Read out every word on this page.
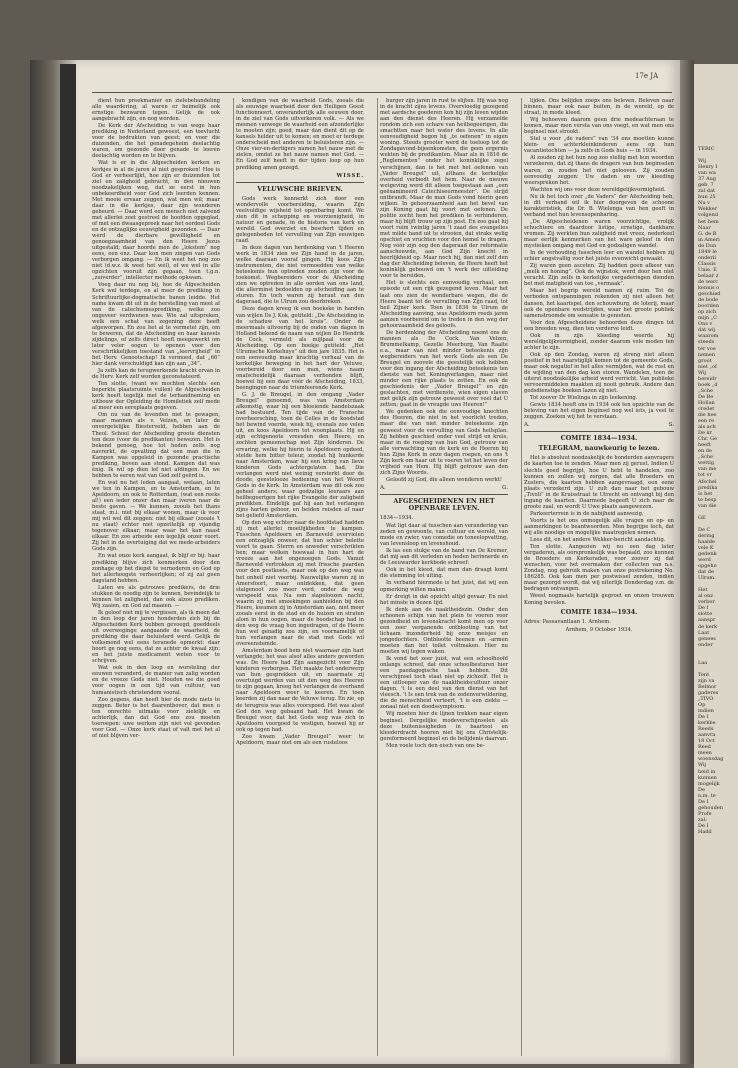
TERIC
Wij
Henry I
van wa
37 Aug
geb. 7
zal dat
hun 25
Nu v
Wekker
volgend
het hem
Naar
G. de B
in Ameri
de Dun
1849 le
onderli
Classis
Unie. E
belaar z
de werc
kennis o
geschied
de bode
boorden
op zich
mijn „C
Ons v
dat wij
waarom
steeds
ter voe
nemen
groot
niet „of
Wij
bereidr
boek „d
„Sche
De Be
Hollan
credet
die hee
een re
als ach
De kr
Chr. Ge
heeft
en de
„Sche
wettig
van me
tot vr
Afschei
predika
Is het
te besp
van die
GE
De C
dering
haalde
vele K
gedenk
werd
opgeho
dat de
Ulrum.
Het
al onz
verbor
De I
slotte
aanspr
de kerk
Laat
genees
onder
Laa
Tent
zijn va
Belmor
gaderes
„TIVO
Op
indien
De I
kerkbe
Reeds
aanvra
18 Oct
Reed
meen
woensdag
Wij
heid in
kunnen
mogelijk
De
n.m. te
De I
gehouden
Profe
zal:
De I
Hadd
17e JA

dient hun preekmanier en zielebehandeling alle waardering, al waren er heimelijk ook ernstige bezwaren tegen. Gelijk de ook aangebracht zijn, en nog worden.

De Kerk der Afscheiding is van wege haar prediking in Nederland geweest, een toevlucht voor de bedrukten van geest; en voor die duizenden, die het genadegeheim deelachtig waren, om gezonde door genade te leeren deelachtig worden en te blijven.

Wat is er in die Afgescheiden kerken en kerkjes in al de jaren al niet gesproken! Hoe is God er verheerlijkt, hoe zijn er duizenden tot ziel en zaligheid gebracht, in den nieuwen noodzakelijken weg, dat ze eerst in hun onbekeerdheid voor God zich leerden kennen. Met mooie ervaar zeggen, wat men wil; maar daar in die kerkjes, daar zijn wonderen gebeurd. — Daar werd een mensch niet zalvend met allerlei zoet gestreel de hoofden opgeglad, of met een dwaasgepreek naar het oordeel Gods en de ontzaglijke eeuwigheid gezonden. — Daar werd de dierbare gewilligheid en genoegzaamheid van den Heere Jezus uitgestald; daar hoorde men de „lokstem” nog eens, een enz. Daar kon men zingen van Gods verborgen omgang. — En ik weet het nog zoo niet (d.w.z. ik weet het wèl), of we wel in alle opzichten vooruit zijn gegaan, toen t.g.n. „zuiverder”, intellecter methode opkwam.

Voeg daar nu nog bij, hoe de Afgescheiden Kerk wel terdege, en al meer de prediking in Schriftuurlijke-dogmatische banen leidde. Het name kwam dit uit in de herstelling van meet af van de catechismusprediking, welke zoo ongeveer verdwenen was. Wie zal uitspreken, welk een schat van zegening deze heeft afgeworpen. En zou het al te vermetel zijn, om te beweren, dat de Afscheiding en haar kansels zijdelings, of zelfs direct heeft meegewerkt om later veler oogen te openen voor den verschrikkelijken toestand van „leervrijheid” in het Herv. Genootschap! Ik vermoed, dat „66” hier dank verschuldigd kan zijn aan „34”.

Ja zelfs kan de terugwerkende kracht ervan in de Herv. Kerk zelf worden geconstateerd.

Ten slotte, (want we mochten slechts een beperkte plaatsruimte vullen) de Afgescheiden kerk heeft tegelijk met de terhandneming en uitbouw der Opleiding de Homiletiek zelf mede al meer een eereplaats gegeven.

Om nu van de levenden niet te gewagen, maar mannen als v. Velzen, en later de onvergetelijke Biesterveld, hebben aan de Theol. School der Afscheiding groote diensten ten deze (voor de predikanten) bewezen. Het is bekend genoeg, hoe tot heden zelfs nog navrerkt, de opvatting dat een man die in Kampen was opgeleid in gezonde practische prediking, boven aan stond. Kampen dat was énig. Ik wil op dien lof niet afdingen. En we hebben te eeren wat van God zelf geërd is.

En wat nu het leden aangaat, welaan, laten we ten in Kampen, en te Amsterdam, en te Apeldoorn, en ook te Rotterdam, (wat een reeks al!) een ieder onzer dan maar iveren naar de beste gaven. — We kunnen, zoouls het thans staat, m.i. niet bij elkaar wonen, maar ik voor mij wil wel dit zeggen: niet bij elkaar (zooals 't nu staat) echter niet opzettelijk op vijandig tegenover elkaar; maar waar het kan naast elkaar. En zoo arbeide een iegelijk onzer voort. Zij het in de overtuiging dat we mede-arbeiders Gods zijn.

En wat onze kerk aangaat, ik blijf er bij: haar prediking blijve zich kenmerken door den zonhage op het diepst te vernederen en God op het allerhoogste verheerlijken; of zij zal geen dagstand hebben.

Laten we als getrouwe predikers, de drie stukken de noodig zijn te kennen, bevindelijk te kennen tot zaligheid, dan ook alzoo prediken. Wij zaaien, en God zal maaien. —

Ik geloof niet mij te vergissen, als ik meen dat in den loop der jaren honderden zich bij de Afgescheiden Kerk hebben gevoegd, goeddeels uit overweginge aangaande de waarheid, de prediking die daar beluisterd werd. Gelijk de volksmond wel eens teranede opmerkt: daar hoort ge nog eens, dat ze achter de kwaal zijn: en het juiste medicament weten voor te schrijven.

Wat ook in den loop en worsteling der eeuwen veranderd, de manier van zalig worden en de vreeze Gods niet. Houden we die goed voor oogen in een tijd van cultuur, van humanistisch christendom vooral.

Zoo gegens, dan heeft hier de mode niets te zeggen. Beter is het daarentbover, dat men u ten onrechte uitmake voor zielelijk en achterlijk, dan dat God ons zou moeten toeroepen: uwe werken zijn niet vol gevonden voor God. — Onze kerk staat of valt met het al of niet blijven ver-

kondigen van de waarheid Gods, zooals die als eeuwige waarheid door den Heiligen Geest functionneert, onveranderlijk alle eeuwen door, in de ziel van Gods uitverkoren volk. — Als we meenen vanwege de waarheid een afzonderlijke te moeten zijn; goed, maar dan dient dit op de kansels helder uit te komen; en moet er terdege onderscheid met anderen te beluisteren zijn. — Onze vier-en-dertigers namen het nauw met de zielen, omdat ze het nauw namen met God. — En God zelf heeft in der tijden loop op hun prediking amen gezegd.

WISSE.
VELUWSCHE BRIEVEN.

Gods werk kennerkt zich door een wondervolle voorbereiding, waarin Zijn veelvuldige wijsheid tot openbaring komt. We zien dit in schepping en voorzienigheid, in natuur en genade, in de historie van kerk en wereld. God overziet en beschert tijden en gelegenheden tot vervulling van Zijn eeuwigen raad.

In deze dagen van herdenking van 't Heeren werk in 1834 zien we Zijn hand in de jaren, welke daaraan vooraf gingen. Hij koos Zijn instrumenten, die niet vermoedden van welke beteekenis hun optreden zouden zijn voor de toekomst. Wegbereiders voor de Afscheiding zien we optreden in alle oorden van ons land, die allerminst bedoelden op afscheiding aan te sturen. En toch waren zij heraut van den dageraad, die te Ulrum zou doorbreken.

Deze dagen kreeg ik een boekske in handen van wijlen Ds J. Kok, getiteld: „De Afscheiding in de schaduw van het kruis”. Onder de meermaals uitvoerig bij de ouden van dagen in Holland bekend de naam van wijlen Do Hendrik de Cock, vermeld: als mijlpaal voor de Afscheiding. Op een boekje getiteld: „Het Ulrumsche Kerkehuys” uit den jare 1835. Het is een eenvoudig maar krachtig verhaal van de kerkelijke beweging in het hart der Veluwe, voorbereid door een man, wiens naam onafscheidelijk daaraan verbonden blijft, hoewel hij een daar vóór de Afscheiding, 1833, heengingen naar de triumfeerende Kerk.

G. J. de Breugel, in den omgang „Vader Breugel” genoemd, was van Amsterdam afkomstig, waar hij een bloeiende handelszaak had bestuurd. Ten tijde van de Fransche overheersching, toen de Celles in de koodstad het bewind voerde, week hij, evenals zoo velen uit, en koos Apeldoorn tot woonplaats. Hij en zijn echtgenoote vreesden den Heere, en zochten gemeenschap met Zijn kinderen. De ervaring, welke hij hierin te Apeldoorn opdeed, stelde hem bitter teleur, zoodat hij hunkerde naar Amsterdam, waar hij een kring van lieve kinderen Gods achtergelaten had. Die verlangen werd niet weinig versterkt door de doode, geestelooze bediening van het Woord Gods in de Kerk. In Amsterdam was dit ook zoo geheel anders; waar godzalige leeraars aan heilbegeerigen het rijke Evangelie der zaligheid predikten. Eindelijk gaf hij aan het verlangen zijns harten gehoor, en beiden reisden af naar het geliefd Amsterdam.

Op den weg echter naar de hoofdstad hadden zij met allerlei moeilijkheden te kampen. Tusschen Apeldoorn en Barneveld overvielen een ontzaglijk onweer, dat hun schier belette voort te gaan. Sterrn en onweder verschrikten hen; maar welken hoewaal in hun hart de vreeze aan het ongenoegen Gods. Vanuit Barneveld vertrokken zij met frissche paarden voor den postkoets, maar ook op den weg was het onheil niet voorbij. Nauwelijks waren zij in Amersfoort, maar ontdekken, dat geen stalgenoot zoo meer verd, onder de weg verspeeld was. Na een slapeloozen nacht, waarin zij met smeekingen aanhielden bij den Heere, kwamen zij in Amsterdam aan, niet meer zooals eerst in de stad en de huizen en straten alom in hun oogen, maar de boodschap had in den weg de vraag hun ingedragen, of de Heere hun wel genadig zou zijn, en voornamelijk of hun verlangen naar de stad met Gods wil overeenstemde.

Amsterdam bood hem niet waarnaar zijn hart verlangde; het was alsof alles anders geworden was. De Heere had Zijn aangezicht voor Zijn kinderen verborgen. Het maakte het onderwerp van hun gesprekken uit, en naarmate zij overtuigd werden van uit den weg des Heeren te zijn gegaan, kreeg het verlangen de overhand naar Apeldoorn weer te keeren. En toen keerden zij dan naar de Veluwe terug. En zie, op de terugreis was alles voorspoed. Het was alsof God den weg gebaand had. Het kwam de Breugel voor, dat het Gods weg was zich in Apeldoorn voorgoed te vestigen, hoewel hij er ook op tegen had.

Zoo kwam „Vader Breugel” weer te Apeldoorn, maar niet om als een rusteloos

burger zijn jaren in rust te slijten. Hij was nog in de kracht zijns levens. Overvloedig gezegend met aardsche goederen kon hij zijn leven wijden aan den dienst des Heeren. Hij verzamelde rondom zich een schare van heilbegeerigen, die smachtten naar het water des levens. In alle eenvoudigheid begon hij „te oefenen” in eigen woning. Steeds grooter werd de toeloop tot de Zondagavond-bijeenkomsten, die geen ergernis wekten bij de predikanten. Maar als in 1816 de „Reglementen” onder het koninklijke zegel verschijnen, dan is het met het oefenen van „Vader Breugel” uit, althans de kerkelijke overheid verbiedt het hem. Naar de nieuwe wetgeving werd dit alleen toegestaan aan „een geëxamineerd Catechiseermeester”. De strijd ontbrandt. Maar de man Gods vond hierin geen wijken. In gehoorzaamheid aan het bevel van zijn Koning gaat hij voort met oefenen. De politie zocht hem het prediken te verhinderen, maar hij blijft trouw op zijn post. En zoo gaat hij voort ruim twintig jaren 't zaad des evangelies met milde hand uit te strooien, dat straks welig opschiet en vruchten voor den hemel te dragen. Nog vóór zijn oog den dageraad der reformatie aanschouwde, aan God Zijn knecht in heerlijkheid op. Maar noch hij, dan niet zelf den dag der Afscheiding beleven, de Heere heeft het koninklijk gebouwd om 't werk der uitleiding voor te bereiden.

Het is slechts een eenvoudig verhaal, een episode uit een rijk gezegend leven. Maar het laat ons zien de wonderbare wegen, die de Heere baant tot de vervulling van Zijn raad, tot heil Zijner kerk. Toen in 1834 te Ulrum de Afscheiding aanving, was Apeldoorn reeds jaren aanzen voorbereid om te treden in den weg der gehoorzaamheid des geloofs.

De herdenking der Afscheiding noemt ons de mannen als De Cock, Van Velzen, Brummelkamp, Gezelle Meerburg, Van Raalte e.a., maar van niet minder beteekenis zijn wegbereiders van het werk Gods als een De Breugel en zoovele die geestelijk ook hebben voor den ingang der Afscheiding beteekenis ten dienste van het Koningverlangen, maar niet minder een rijke plaats te zetten. En ook de geschiedenis der „Vader Breugel” en zijn geslachten, met verdienste, wien eigen staven met gelijk zijn getrouw geweest over veel dat U zetten; gaat in de vreugde uws Heeren!”

We gedenken ook die eenvoudige knechten des Heeren, die niet in het voorlicht treden, maar die van niet minder beteekenis zijn geweest voor de vervulling van Gods heilsplan. Zij hebben geschied onder veel strijd en kruis, maar in de roeping van hun God, getrouw van alle verwachting van de kerk en de Heeren bij hun Zijne Kerk in onze dagen roepen, en ons 't Zijn kerk om haar uit te voeren tot het leven der vrijheid van Hem. Hij blijft getrouw aan den zich Zijns Woords.

Geloofd zij God, die alleen wonderen werkt!

A.	G.
AFGESCHEIDENEN EN HET OPENBARE LEVEN.
1834—1934.

Wat ligt daar al tusschen aan verandering van zeden en gewoonte, van cultuur en wereld, van mode en zwier, van comedie en toneelopvatting, van levensloop en levenshoud.

Ik las een stukje van de hand van De Kremer, dat mij aan dit verleden en heden herinnerde en de Leeuwarder kerkbode schreef:

Ook in het kleed, dat men dan draagt komt die stemming tot uiting.

In verband hiermede is het juist, dat wij een opmerking willen maken.

Er dreigt in dat opzicht altijd gevaar. En niet het minste in dezen tijd.

Ik denk aan de naaktheidszin. Onder den schoonen schijn van het plein te voeren voor gezondheid en levenskracht komt men op voor een zeer verganende ontblooting van het lichaam inzonderheid bij onze meisjes en jongedochters. Ontblootte beenen en -armen moeten dan het toilet voltmaken. Hier nu moeten wij tegen waken.

Ik vond het zeer juist, wat een schoolhoofd onlangs schreef, dat onze schoolbesturen hier een paedagogische taak hebben. Dit verschijnsel toch staat niet op zichzelf. Het is een uitlooper van de naaktheidscultuur onzer dagen. 't Is een deel van den dienst van het vleesch. 't Is een trek van de zedenverwildering, die de menschheid verteert, 't is een ziekte — zonaal niet een doodssymptoom.

Wij moeten hier de lijnen trekken naar eigen beginsel. Dergelijke modeverschijnselen als deze buitenissigheden in baartooi en kleederdracht hooren niet bij ons Christelijk-gereformeerd beginsel en de belijdenis daarvan.

Men voele toch den eisch van ons be-

lijden. Ons belijden zoeps ons beleven. Beleven naar binnen, maar ook naar buiten, in de wereld, op de straat, in mode kleed.

Wij behoeven daarom geen drie modeachteraan te komen, maar men versta van ons voegt, en wat men ons beginsel niet strookt.

Stel u voor „de vaders” van '34 ons moetten kunne klein- en achterkleinkinderen eens op hun vacantietochten — ja zelfs in Gods huis — in 1934.

Al zouden zij het hun nog zoo stellig met hun woorden verzekeren, dat zij thans de dragers van hun beginselen waren, ze zouden het niet gelooven. Zij zouden eenvoudig zeggen: Uw daden en uw kleeding weerspreken het.

Wachten wij ons voor deze wereldgelijkvormigheid.

Nu ik het toch over „de Vaders” der Afscheiding heb, in dit verband wil ik hier doorgeven de schoone karakteristiek, die Dr. B. Wielenga van hen geeft in verband met hun levensopenbaring.

„De Afgescheidenen waren voorzichtige, vrolijk schuchtere en daardoor listige, ernstige, dankbare vromen. Zij werkten hun zaligheid met vreez, nederkeel maar eerlijk kenmerken van het ware geloof in den mystieken omgang met God en godzaligen wandel.

In de verhouding tusschen leer en wandel hebben zij schier angstvallig voor het juiste evenwicht gewaakt.

Zij waren geen asceten. Zij hadden geen afkeer van „melk en honing”. Ook de wijnstok, werd door hen niet veracht. Zijn zelfs in kerkelijke vergaderingen dienden het met matigheid van toe „vermaak”.

Maar het begrip wereld namen zij ruim. Tot de verboden ontspanningen rekenden zij niet alleen het dansen, het kaartspel, den schouwburg, de loterij, maar ook de openbare wedstrijden, waar het groote publiek samenstroomde om sensatie te genieten.

Voor den Afgescheidene behoorden deze dingen tot een breeden weg, dien ten verderve leidt.

Ook in zijn kleeding weerde hij wereldgelijkvormigheid, zonder daarom vele moden ten achter te zijn.

Ook op den Zondag, waren zij streng niet alleen positief in het naarstiglijk komen tot de gemeente Gods, maar ook negatief in het alles vermijden, wat de rust en de wijding van den dag kon storen. Wandelen, toen de uiterst noodzakelijke arbeid werd verricht. Van publieke vervoermiddelen maakten zij nooit gebruik. Andere dan godsdienstige boeken lazen zij niet.

Tot zoover Dr Wielinga in zijn teekening.

Gewis 1834 heeft ons in 1934 ook ten opzichte van de beleving van het eigen beginsel nog wel iets, ja veel te zeggen. Zoeken wij het te verstaan.

A.	S.
COMITE 1834—1934.
TELEGRAM, nauwkeurig te lezen.

Het is absoluut noodzakelijk de honderden aanvragers de kaarten toe te zenden. Maar men zij gerust. Indien U slechts goed begrijpt, hoe U hebt te handelen, zoo kunnen en zullen wij zorgen, dat alle Broeders en Zusters, die kaarten hebben aangevraagd, een eene plaats verzekerd zijn. U zult dan naar het gebouw „Tivoli” in de Kruisstraat te Utrecht en ontvangt bij den ingang de kaarten. Daarmede begeeft U zich naar de groote zaal, en wordt U Uwe plaats aangewezen.

Parkeerterrein is in de nabijheid aanwezig.

Voorts is het ons onmogelijk alle vragen en op- en aanmerkingen te beantwoorden. Men begrijpe toch, dat wij alle noodige en mogelijke maatregelen nemen.

Lees dit, en het andere Wekker-bericht aandachtig.

Ten slotte. Aangezien wij nu een dag later vergaderen, als oorspronkelijk was bepaald, zoo kunnen de Broeders en Kerkeraden, voor zoover zij dat wenschen, voor het overmaken der collecten van n.s. Zondag, nog gebruik maken van onze postrekening No. 186285. Ook kan men per postwissel zenden, indien maar gezorgd wordt, dat wij uiterlijk Donderdag v.m. de bedragen ontvangen.

Weest nogmaals hartelijk gegroet en onzen trouwen Koning bevolen.

COMITE 1834—1934.
Adres: Passavantlaan 1. Arnhem.
Arnhem, 9 October 1934.
